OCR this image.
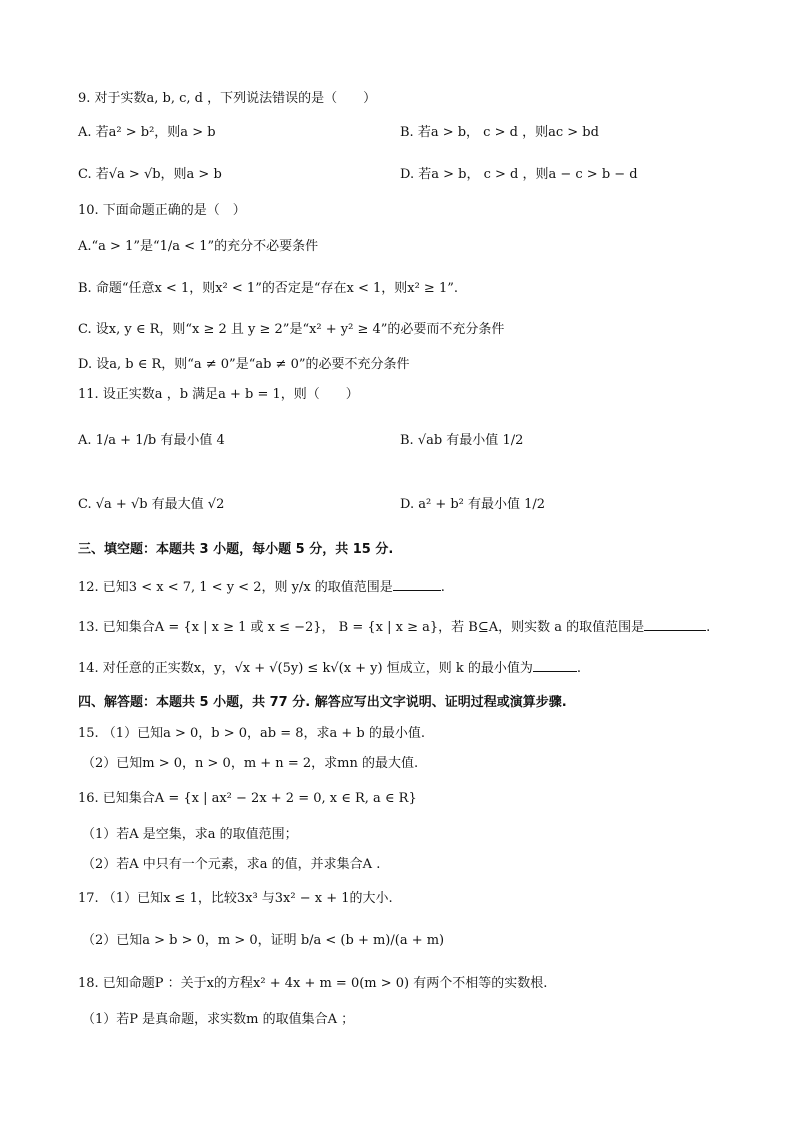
9. 对于实数a, b, c, d ，下列说法错误的是（　　）
A. 若a² > b²，则a > b	B. 若a > b， c > d ，则ac > bd
C. 若√a > √b，则a > b	D. 若a > b， c > d ，则a − c > b − d
10. 下面命题正确的是（　）
A.“a > 1”是“1/a < 1”的充分不必要条件
B. 命题“任意x < 1，则x² < 1”的否定是“存在x < 1，则x² ≥ 1”.
C. 设x, y ∈ R，则“x ≥ 2 且 y ≥ 2”是“x² + y² ≥ 4”的必要而不充分条件
D. 设a, b ∈ R，则“a ≠ 0”是“ab ≠ 0”的必要不充分条件
11. 设正实数a ，b 满足a + b = 1，则（　　）
A. 1/a + 1/b 有最小值 4	B. √ab 有最小值 1/2
C. √a + √b 有最大值 √2	D. a² + b² 有最小值 1/2
三、填空题：本题共 3 小题，每小题 5 分，共 15 分.
12. 已知3 < x < 7, 1 < y < 2，则 y/x 的取值范围是	.
13. 已知集合A = {x | x ≥ 1 或 x ≤ −2}， B = {x | x ≥ a}，若 B⊆A，则实数 a 的取值范围是	.
14. 对任意的正实数x，y，√x + √(5y) ≤ k√(x + y) 恒成立，则 k 的最小值为	.
四、解答题：本题共 5 小题，共 77 分. 解答应写出文字说明、证明过程或演算步骤.
15. （1）已知a > 0，b > 0，ab = 8，求a + b 的最小值.
（2）已知m > 0，n > 0，m + n = 2，求mn 的最大值.
16. 已知集合A = {x | ax² − 2x + 2 = 0, x ∈ R, a ∈ R}
（1）若A 是空集，求a 的取值范围；
（2）若A 中只有一个元素，求a 的值，并求集合A .
17. （1）已知x ≤ 1，比较3x³ 与3x² − x + 1的大小.
（2）已知a > b > 0，m > 0，证明 b/a < (b + m)/(a + m)
18. 已知命题P ：关于x的方程x² + 4x + m = 0(m > 0) 有两个不相等的实数根.
（1）若P 是真命题，求实数m 的取值集合A ；
